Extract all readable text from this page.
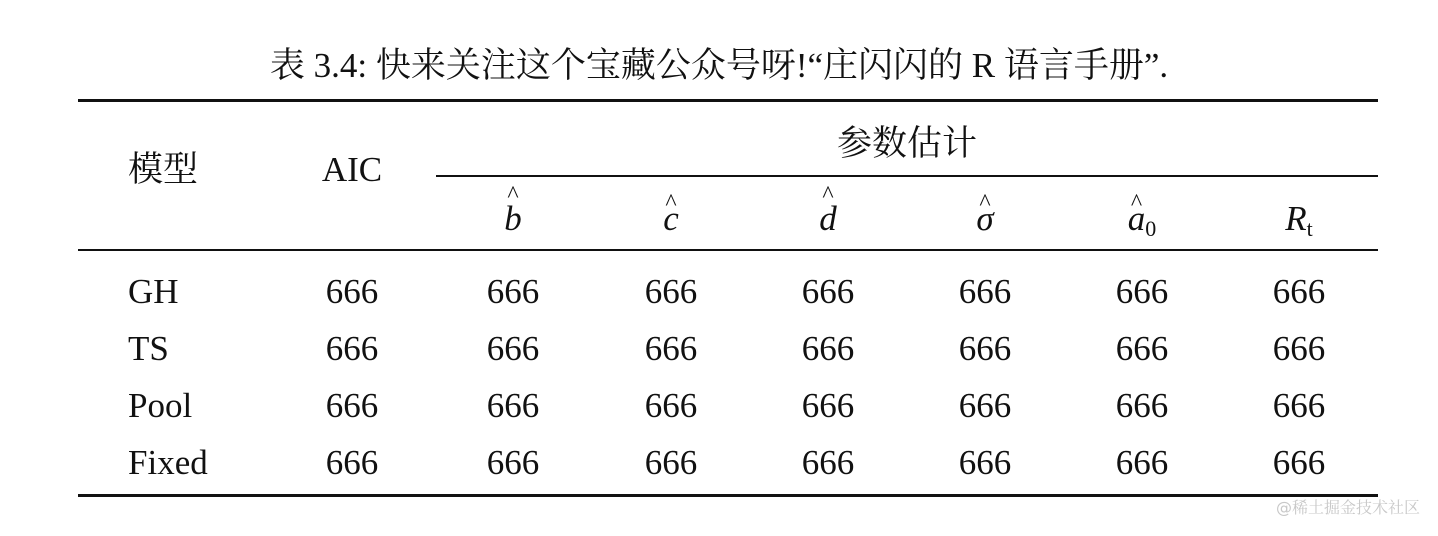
表 3.4: 快来关注这个宝藏公众号呀!“庄闪闪的 R 语言手册”.
模型	AIC
参数估计
^ b	^ c	^ d	^ σ	^ $a_0$	$R_t$
GH	666	666	666	666	666	666	666
TS	666	666	666	666	666	666	666
Pool	666	666	666	666	666	666	666
Fixed	666	666	666	666	666	666	666
@稀土掘金技术社区
